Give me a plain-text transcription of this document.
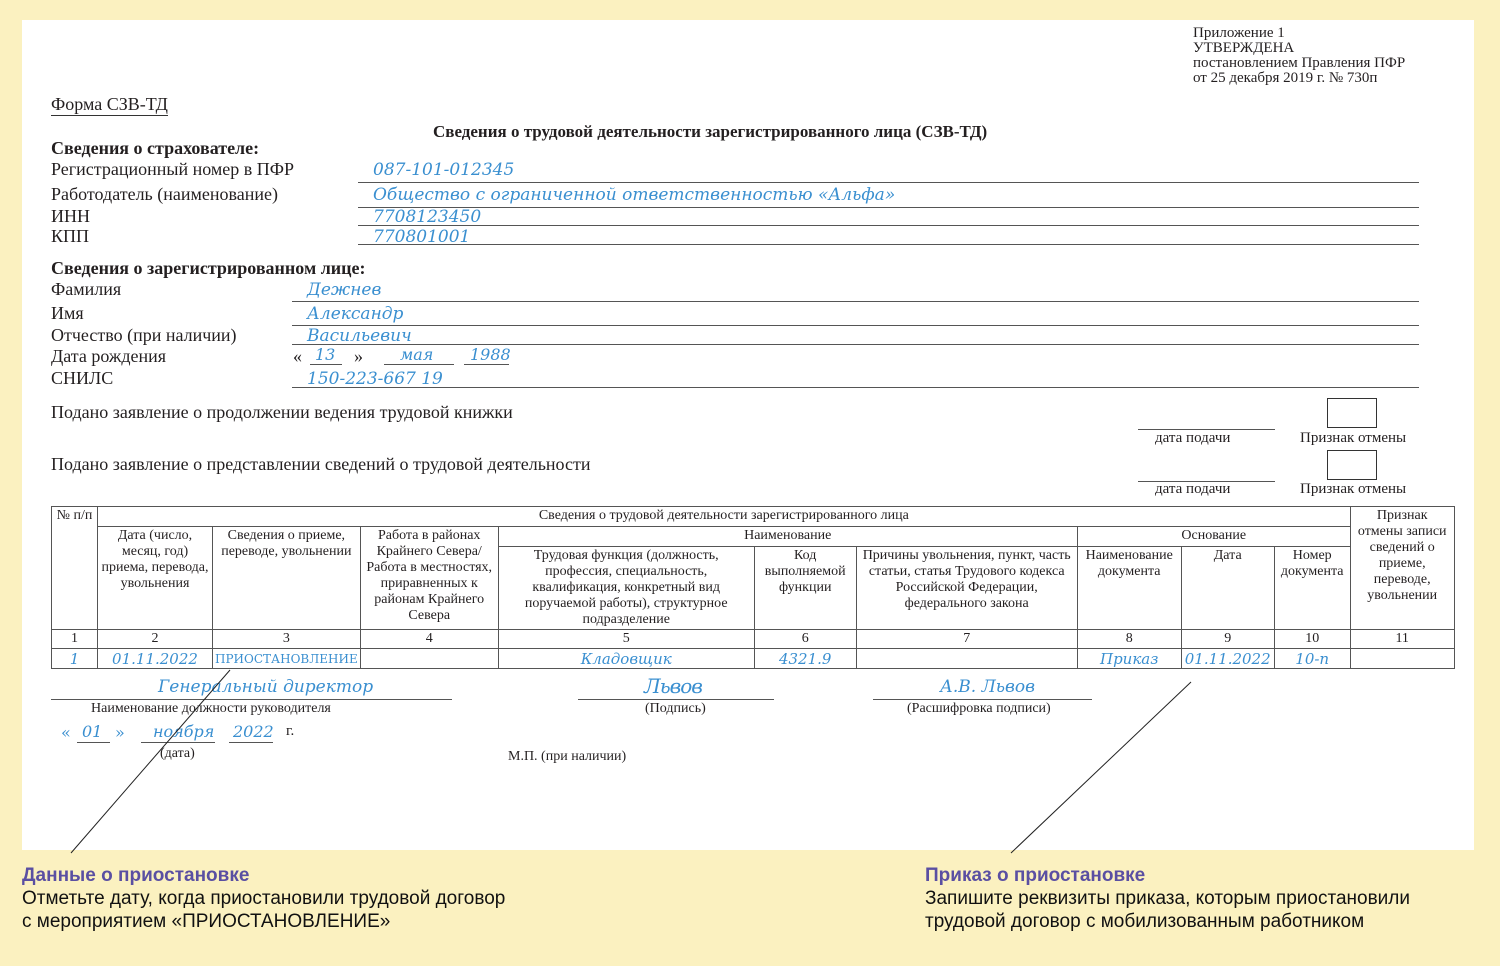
Приложение 1
УТВЕРЖДЕНА
постановлением Правления ПФР
от 25 декабря 2019 г. № 730п
Форма СЗВ-ТД
Сведения о трудовой деятельности зарегистрированного лица (СЗВ-ТД)
Сведения о страхователе:
Регистрационный номер в ПФР	087-101-012345
Работодатель (наименование)	Общество с ограниченной ответственностью «Альфа»
ИНН	7708123450
КПП	770801001
Сведения о зарегистрированном лице:
Фамилия	Дежнев
Имя	Александр
Отчество (при наличии)	Васильевич
Дата рождения	« 13 » мая 1988
СНИЛС	150-223-667 19
Подано заявление о продолжении ведения трудовой книжки
дата подачи	Признак отмены
Подано заявление о представлении сведений о трудовой деятельности
дата подачи	Признак отмены
№ п/п	Сведения о трудовой деятельности зарегистрированного лица									Признак отмены записи сведений о приеме, переводе, увольнении
	Дата (число, месяц, год) приема, перевода, увольнения	Сведения о приеме, переводе, увольнении	Работа в районах Крайнего Севера/ Работа в местностях, приравненных к районам Крайнего Севера	Наименование			Основание			
				Трудовая функция (должность, профессия, специальность, квалификация, конкретный вид поручаемой работы), структурное подразделение	Код выполняемой функции	Причины увольнения, пункт, часть статьи, статья Трудового кодекса Российской Федерации, федерального закона	Наименование документа	Дата	Номер документа	
1	2	3	4	5	6	7	8	9	10	11
1	01.11.2022	ПРИОСТАНОВЛЕНИЕ		Кладовщик	4321.9		Приказ	01.11.2022	10-п	
Генеральный директор
Наименование должности руководителя
Львов
(Подпись)
А.В. Львов
(Расшифровка подписи)
« 01 » ноября 2022 г.
(дата)	М.П. (при наличии)
Данные о приостановке
Отметьте дату, когда приостановили трудовой договор
с мероприятием «ПРИОСТАНОВЛЕНИЕ»
Приказ о приостановке
Запишите реквизиты приказа, которым приостановили
трудовой договор с мобилизованным работником
